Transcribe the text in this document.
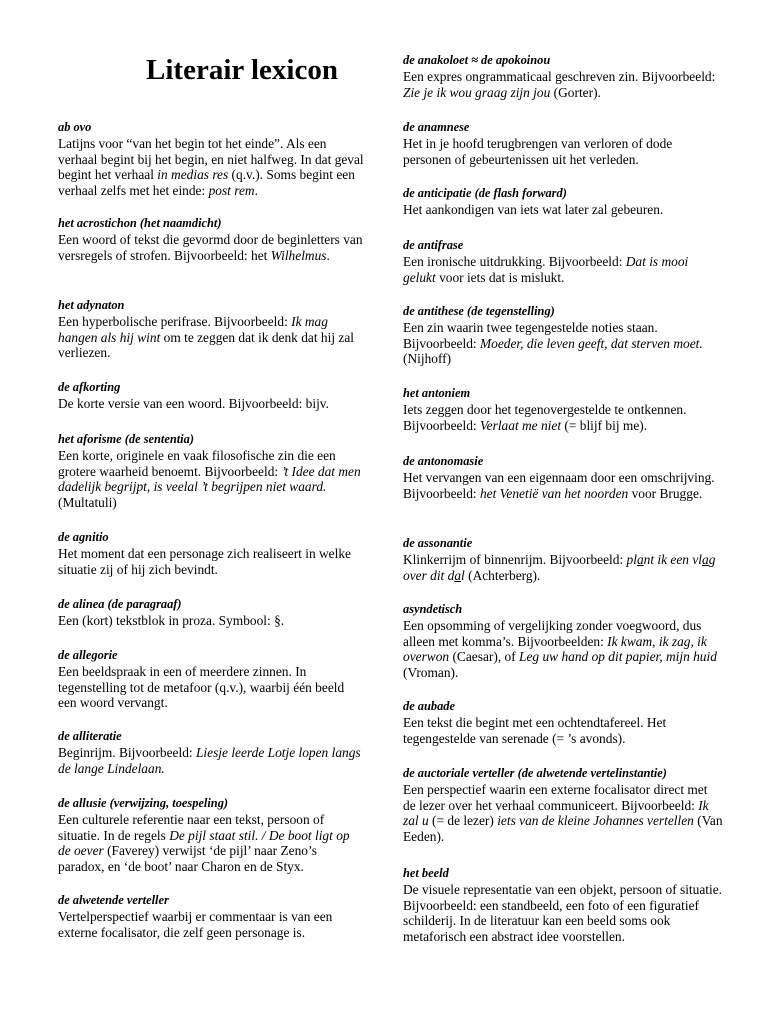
Literair lexicon
ab ovo
Latijns voor “van het begin tot het einde”. Als een verhaal begint bij het begin, en niet halfweg. In dat geval begint het verhaal in medias res (q.v.). Soms begint een verhaal zelfs met het einde: post rem.
het acrostichon (het naamdicht)
Een woord of tekst die gevormd door de beginletters van versregels of strofen. Bijvoorbeeld: het Wilhelmus.
het adynaton
Een hyperbolische perifrase. Bijvoorbeeld: Ik mag hangen als hij wint om te zeggen dat ik denk dat hij zal verliezen.
de afkorting
De korte versie van een woord. Bijvoorbeeld: bijv.
het aforisme (de sententia)
Een korte, originele en vaak filosofische zin die een grotere waarheid benoemt. Bijvoorbeeld: ’t Idee dat men dadelijk begrijpt, is veelal ’t begrijpen niet waard. (Multatuli)
de agnitio
Het moment dat een personage zich realiseert in welke situatie zij of hij zich bevindt.
de alinea (de paragraaf)
Een (kort) tekstblok in proza. Symbool: §.
de allegorie
Een beeldspraak in een of meerdere zinnen. In tegenstelling tot de metafoor (q.v.), waarbij één beeld een woord vervangt.
de alliteratie
Beginrijm. Bijvoorbeeld: Liesje leerde Lotje lopen langs de lange Lindelaan.
de allusie (verwijzing, toespeling)
Een culturele referentie naar een tekst, persoon of situatie. In de regels De pijl staat stil. / De boot ligt op de oever (Faverey) verwijst ‘de pijl’ naar Zeno’s paradox, en ‘de boot’ naar Charon en de Styx.
de alwetende verteller
Vertelperspectief waarbij er commentaar is van een externe focalisator, die zelf geen personage is.
de anakoloet ≈ de apokoinou
Een expres ongrammaticaal geschreven zin. Bijvoorbeeld: Zie je ik wou graag zijn jou (Gorter).
de anamnese
Het in je hoofd terugbrengen van verloren of dode personen of gebeurtenissen uit het verleden.
de anticipatie (de flash forward)
Het aankondigen van iets wat later zal gebeuren.
de antifrase
Een ironische uitdrukking. Bijvoorbeeld: Dat is mooi gelukt voor iets dat is mislukt.
de antithese (de tegenstelling)
Een zin waarin twee tegengestelde noties staan. Bijvoorbeeld: Moeder, die leven geeft, dat sterven moet. (Nijhoff)
het antoniem
Iets zeggen door het tegenovergestelde te ontkennen. Bijvoorbeeld: Verlaat me niet (= blijf bij me).
de antonomasie
Het vervangen van een eigennaam door een omschrijving. Bijvoorbeeld: het Venetië van het noorden voor Brugge.
de assonantie
Klinkerrijm of binnenrijm. Bijvoorbeeld: plant ik een vlag over dit dal (Achterberg).
asyndetisch
Een opsomming of vergelijking zonder voegwoord, dus alleen met komma’s. Bijvoorbeelden: Ik kwam, ik zag, ik overwon (Caesar), of Leg uw hand op dit papier, mijn huid (Vroman).
de aubade
Een tekst die begint met een ochtendtafereel. Het tegengestelde van serenade (= ’s avonds).
de auctoriale verteller (de alwetende vertelinstantie)
Een perspectief waarin een externe focalisator direct met de lezer over het verhaal communiceert. Bijvoorbeeld: Ik zal u (= de lezer) iets van de kleine Johannes vertellen (Van Eeden).
het beeld
De visuele representatie van een objekt, persoon of situatie. Bijvoorbeeld: een standbeeld, een foto of een figuratief schilderij. In de literatuur kan een beeld soms ook metaforisch een abstract idee voorstellen.
